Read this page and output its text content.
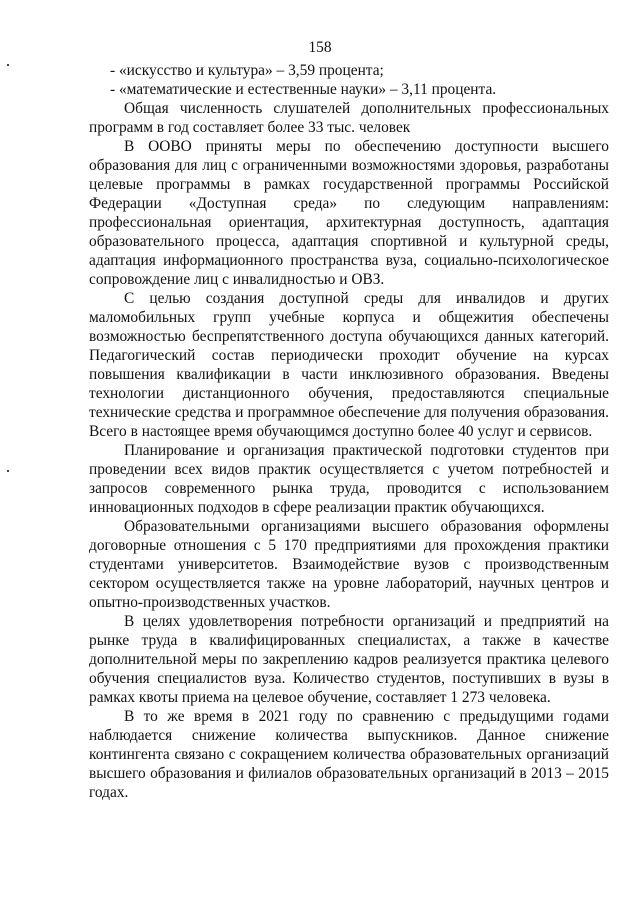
158

- «искусство и культура» – 3,59 процента;

- «математические и естественные науки» – 3,11 процента.

Общая численность слушателей дополнительных профессиональных программ в год составляет более 33 тыс. человек

В ООВО приняты меры по обеспечению доступности высшего образования для лиц с ограниченными возможностями здоровья, разработаны целевые программы в рамках государственной программы Российской Федерации «Доступная среда» по следующим направлениям: профессиональная ориентация, архитектурная доступность, адаптация образовательного процесса, адаптация спортивной и культурной среды, адаптация информационного пространства вуза, социально-психологическое сопровождение лиц с инвалидностью и ОВЗ.

С целью создания доступной среды для инвалидов и других маломобильных групп учебные корпуса и общежития обеспечены возможностью беспрепятственного доступа обучающихся данных категорий. Педагогический состав периодически проходит обучение на курсах повышения квалификации в части инклюзивного образования. Введены технологии дистанционного обучения, предоставляются специальные технические средства и программное обеспечение для получения образования. Всего в настоящее время обучающимся доступно более 40 услуг и сервисов.

Планирование и организация практической подготовки студентов при проведении всех видов практик осуществляется с учетом потребностей и запросов современного рынка труда, проводится с использованием инновационных подходов в сфере реализации практик обучающихся.

Образовательными организациями высшего образования оформлены договорные отношения с 5 170 предприятиями для прохождения практики студентами университетов. Взаимодействие вузов с производственным сектором осуществляется также на уровне лабораторий, научных центров и опытно-производственных участков.

В целях удовлетворения потребности организаций и предприятий на рынке труда в квалифицированных специалистах, а также в качестве дополнительной меры по закреплению кадров реализуется практика целевого обучения специалистов вуза. Количество студентов, поступивших в вузы в рамках квоты приема на целевое обучение, составляет 1 273 человека.

В то же время в 2021 году по сравнению с предыдущими годами наблюдается снижение количества выпускников. Данное снижение контингента связано с сокращением количества образовательных организаций высшего образования и филиалов образовательных организаций в 2013 – 2015 годах.
